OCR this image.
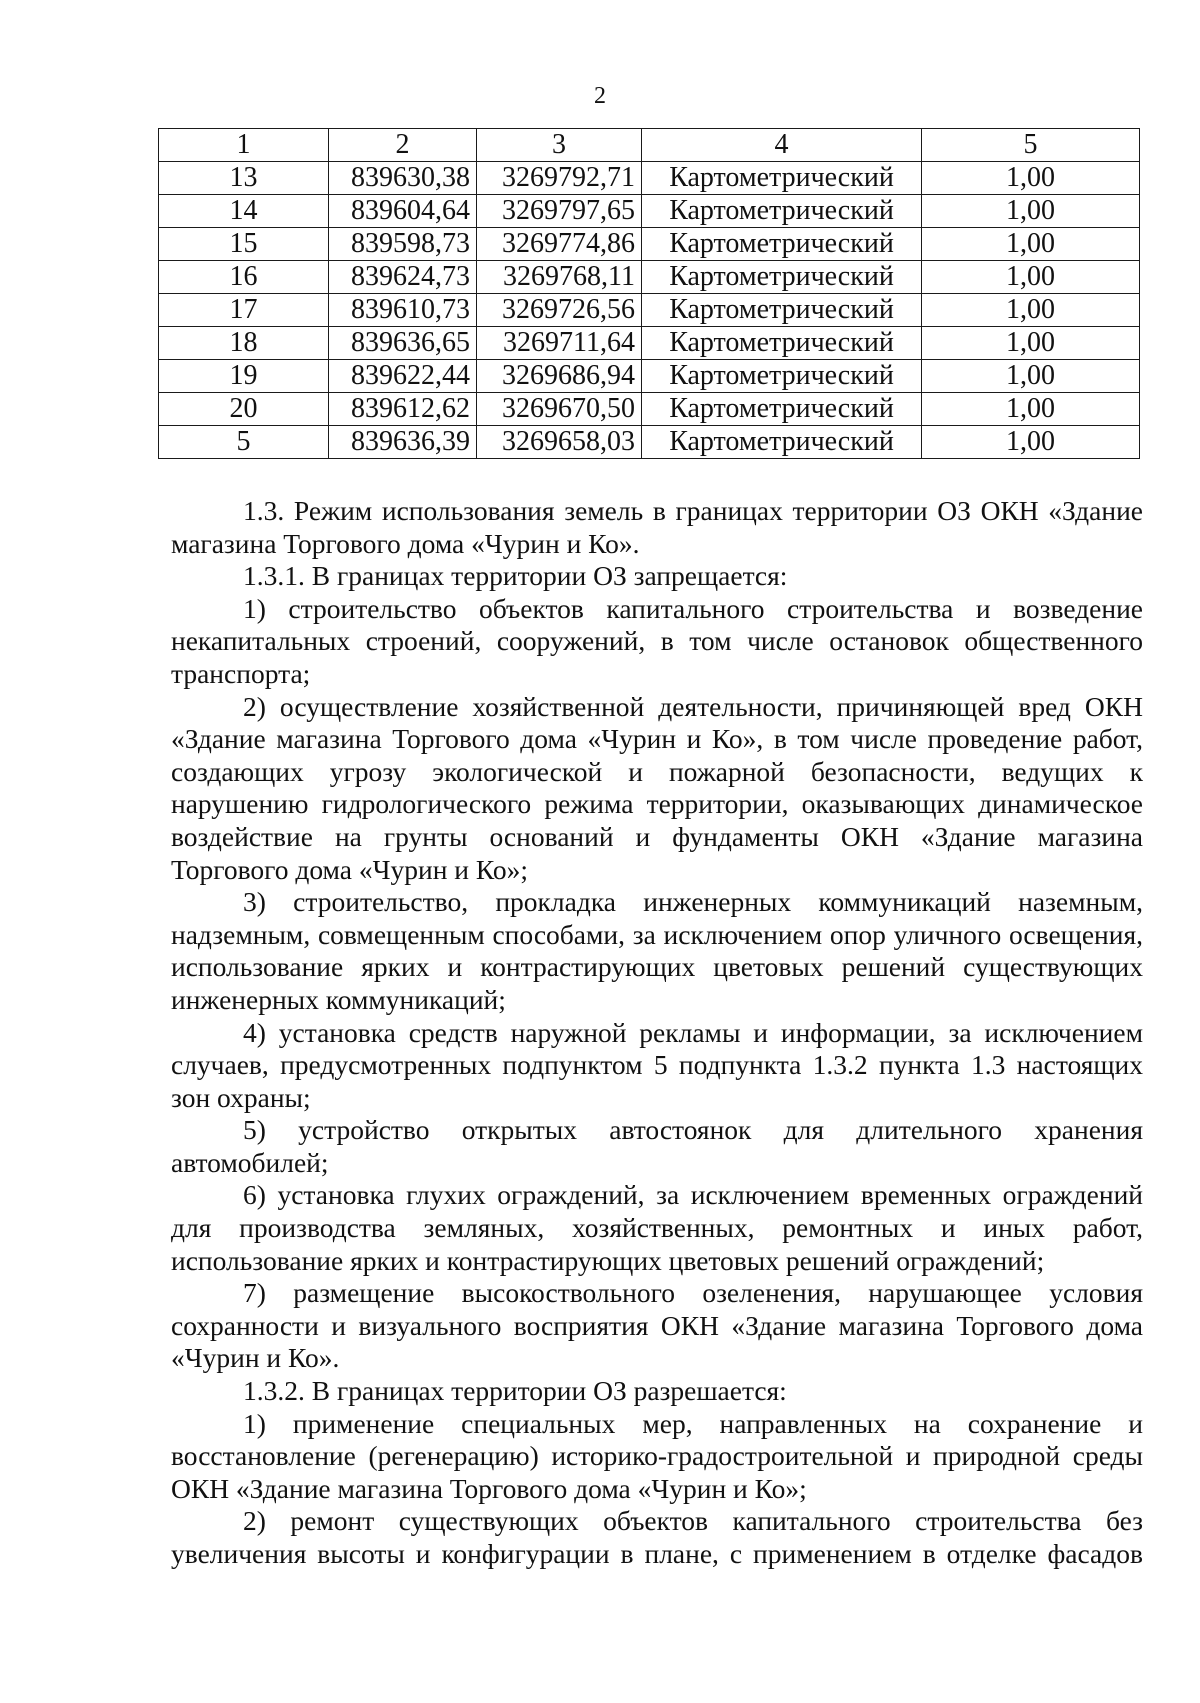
2
1	2	3	4	5
13	839630,38	3269792,71	Картометрический	1,00
14	839604,64	3269797,65	Картометрический	1,00
15	839598,73	3269774,86	Картометрический	1,00
16	839624,73	3269768,11	Картометрический	1,00
17	839610,73	3269726,56	Картометрический	1,00
18	839636,65	3269711,64	Картометрический	1,00
19	839622,44	3269686,94	Картометрический	1,00
20	839612,62	3269670,50	Картометрический	1,00
5	839636,39	3269658,03	Картометрический	1,00

1.3. Режим использования земель в границах территории ОЗ ОКН «Здание магазина Торгового дома «Чурин и Ко».

1.3.1. В границах территории ОЗ запрещается:

1) строительство объектов капитального строительства и возведение некапитальных строений, сооружений, в том числе остановок общественного транспорта;

2) осуществление хозяйственной деятельности, причиняющей вред ОКН «Здание магазина Торгового дома «Чурин и Ко», в том числе проведение работ, создающих угрозу экологической и пожарной безопасности, ведущих к нарушению гидрологического режима территории, оказывающих динамическое воздействие на грунты оснований и фундаменты ОКН «Здание магазина Торгового дома «Чурин и Ко»;

3) строительство, прокладка инженерных коммуникаций наземным, надземным, совмещенным способами, за исключением опор уличного освещения, использование ярких и контрастирующих цветовых решений существующих инженерных коммуникаций;

4) установка средств наружной рекламы и информации, за исключением случаев, предусмотренных подпунктом 5 подпункта 1.3.2 пункта 1.3 настоящих зон охраны;

5) устройство открытых автостоянок для длительного хранения автомобилей;

6) установка глухих ограждений, за исключением временных ограждений для производства земляных, хозяйственных, ремонтных и иных работ, использование ярких и контрастирующих цветовых решений ограждений;

7) размещение высокоствольного озеленения, нарушающее условия сохранности и визуального восприятия ОКН «Здание магазина Торгового дома «Чурин и Ко».

1.3.2. В границах территории ОЗ разрешается:

1) применение специальных мер, направленных на сохранение и восстановление (регенерацию) историко-градостроительной и природной среды ОКН «Здание магазина Торгового дома «Чурин и Ко»;

2) ремонт существующих объектов капитального строительства без увеличения высоты и конфигурации в плане, с применением в отделке фасадов
